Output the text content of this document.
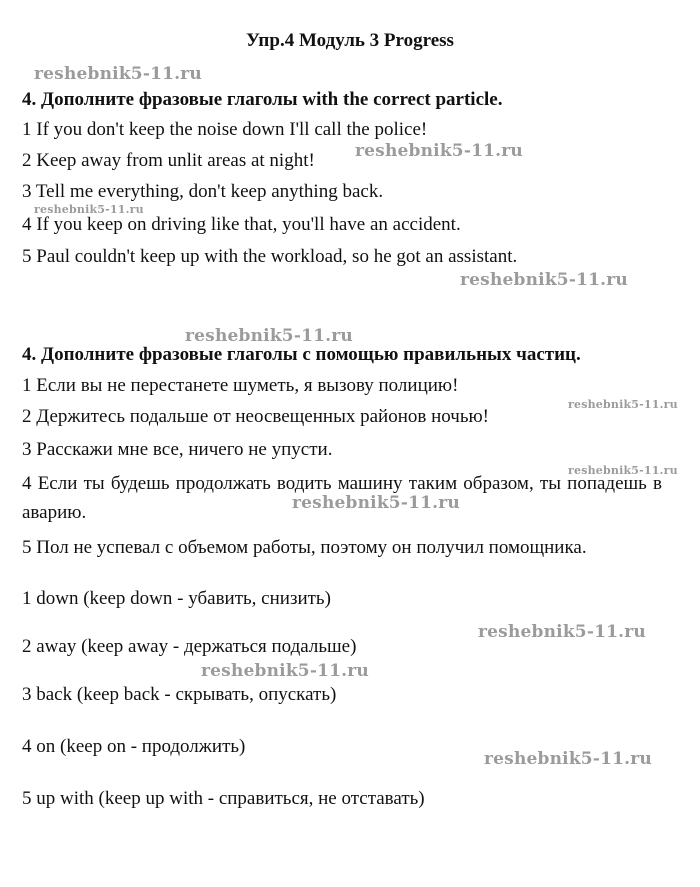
Упр.4 Модуль 3 Progress
4. Дополните фразовые глаголы with the correct particle.
1 If you don't keep the noise down I'll call the police!
2 Keep away from unlit areas at night!
3 Tell me everything, don't keep anything back.
4 If you keep on driving like that, you'll have an accident.
5 Paul couldn't keep up with the workload, so he got an assistant.
4. Дополните фразовые глаголы с помощью правильных частиц.
1 Если вы не перестанете шуметь, я вызову полицию!
2 Держитесь подальше от неосвещенных районов ночью!
3 Расскажи мне все, ничего не упусти.
4 Если ты будешь продолжать водить машину таким образом, ты попадешь в аварию.
5 Пол не успевал с объемом работы, поэтому он получил помощника.
1 down (keep down - убавить, снизить)
2 away (keep away - держаться подальше)
3 back (keep back - скрывать, опускать)
4 on (keep on - продолжить)
5 up with (keep up with - справиться, не отставать)
reshebnik5-11.ru
reshebnik5-11.ru
reshebnik5-11.ru
reshebnik5-11.ru
reshebnik5-11.ru
reshebnik5-11.ru
reshebnik5-11.ru
reshebnik5-11.ru
reshebnik5-11.ru
reshebnik5-11.ru
reshebnik5-11.ru
